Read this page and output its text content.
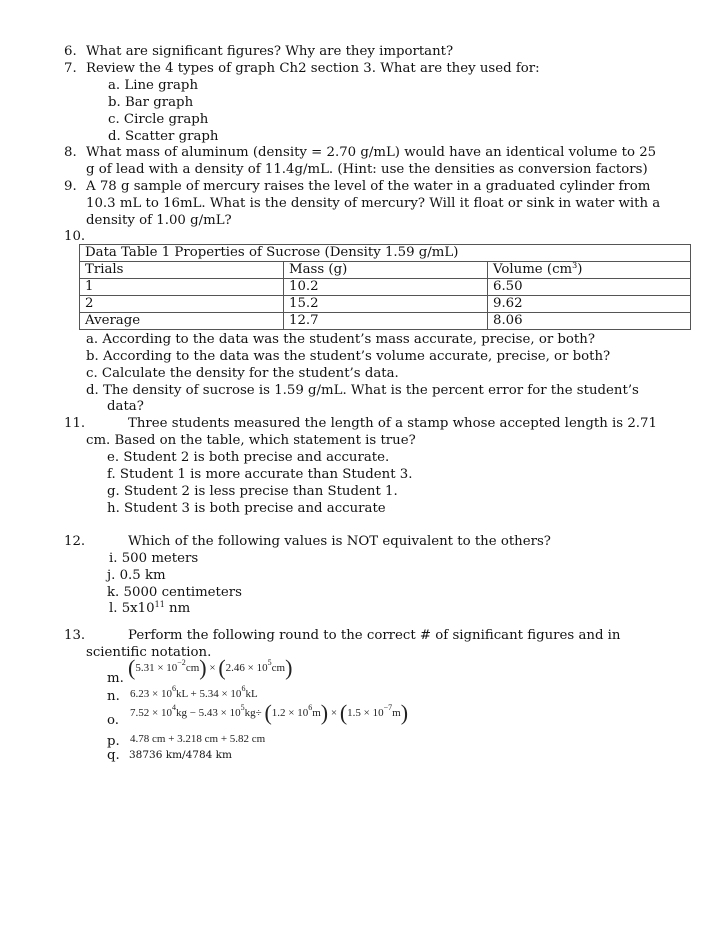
6. What are significant figures? Why are they important?
7. Review the 4 types of graph Ch2 section 3. What are they used for:
a. Line graph
b. Bar graph
c. Circle graph
d. Scatter graph
8. What mass of aluminum (density = 2.70 g/mL) would have an identical volume to 25
g of lead with a density of 11.4g/mL. (Hint: use the densities as conversion factors)
9. A 78 g sample of mercury raises the level of the water in a graduated cylinder from
10.3 mL to 16mL. What is the density of mercury? Will it float or sink in water with a
density of 1.00 g/mL?
10.
Data Table 1 Properties of Sucrose (Density 1.59 g/mL)		
Trials	Mass (g)	Volume $(cm^3)$
1	10.2	6.50
2	15.2	9.62
Average	12.7	8.06
a. According to the data was the student’s mass accurate, precise, or both?
b. According to the data was the student’s volume accurate, precise, or both?
c. Calculate the density for the student’s data.
d. The density of sucrose is 1.59 g/mL. What is the percent error for the student’s
data?
11.	Three students measured the length of a stamp whose accepted length is 2.71
cm. Based on the table, which statement is true?
e. Student 2 is both precise and accurate.
f. Student 1 is more accurate than Student 3.
g. Student 2 is less precise than Student 1.
h. Student 3 is both precise and accurate
12.	Which of the following values is NOT equivalent to the others?
i. 500 meters
j. 0.5 km
k. 5000 centimeters
l. $5x10^{11}$ nm
13.	Perform the following round to the correct # of significant figures and in
scientific notation.
m. $(5.31 \times 10^{-2}cm) \times (2.46 \times 10^5cm)$
n. $6.23 \times 10^6kL + 5.34 \times 10^6kL$
o. $7.52 \times 10^4kg - 5.43 \times 10^5kg\div (1.2 \times 10^6m) \times (1.5 \times 10^{-7}m)$
p. 4.78 cm + 3.218 cm + 5.82 cm
q. 38736 km/4784 km
